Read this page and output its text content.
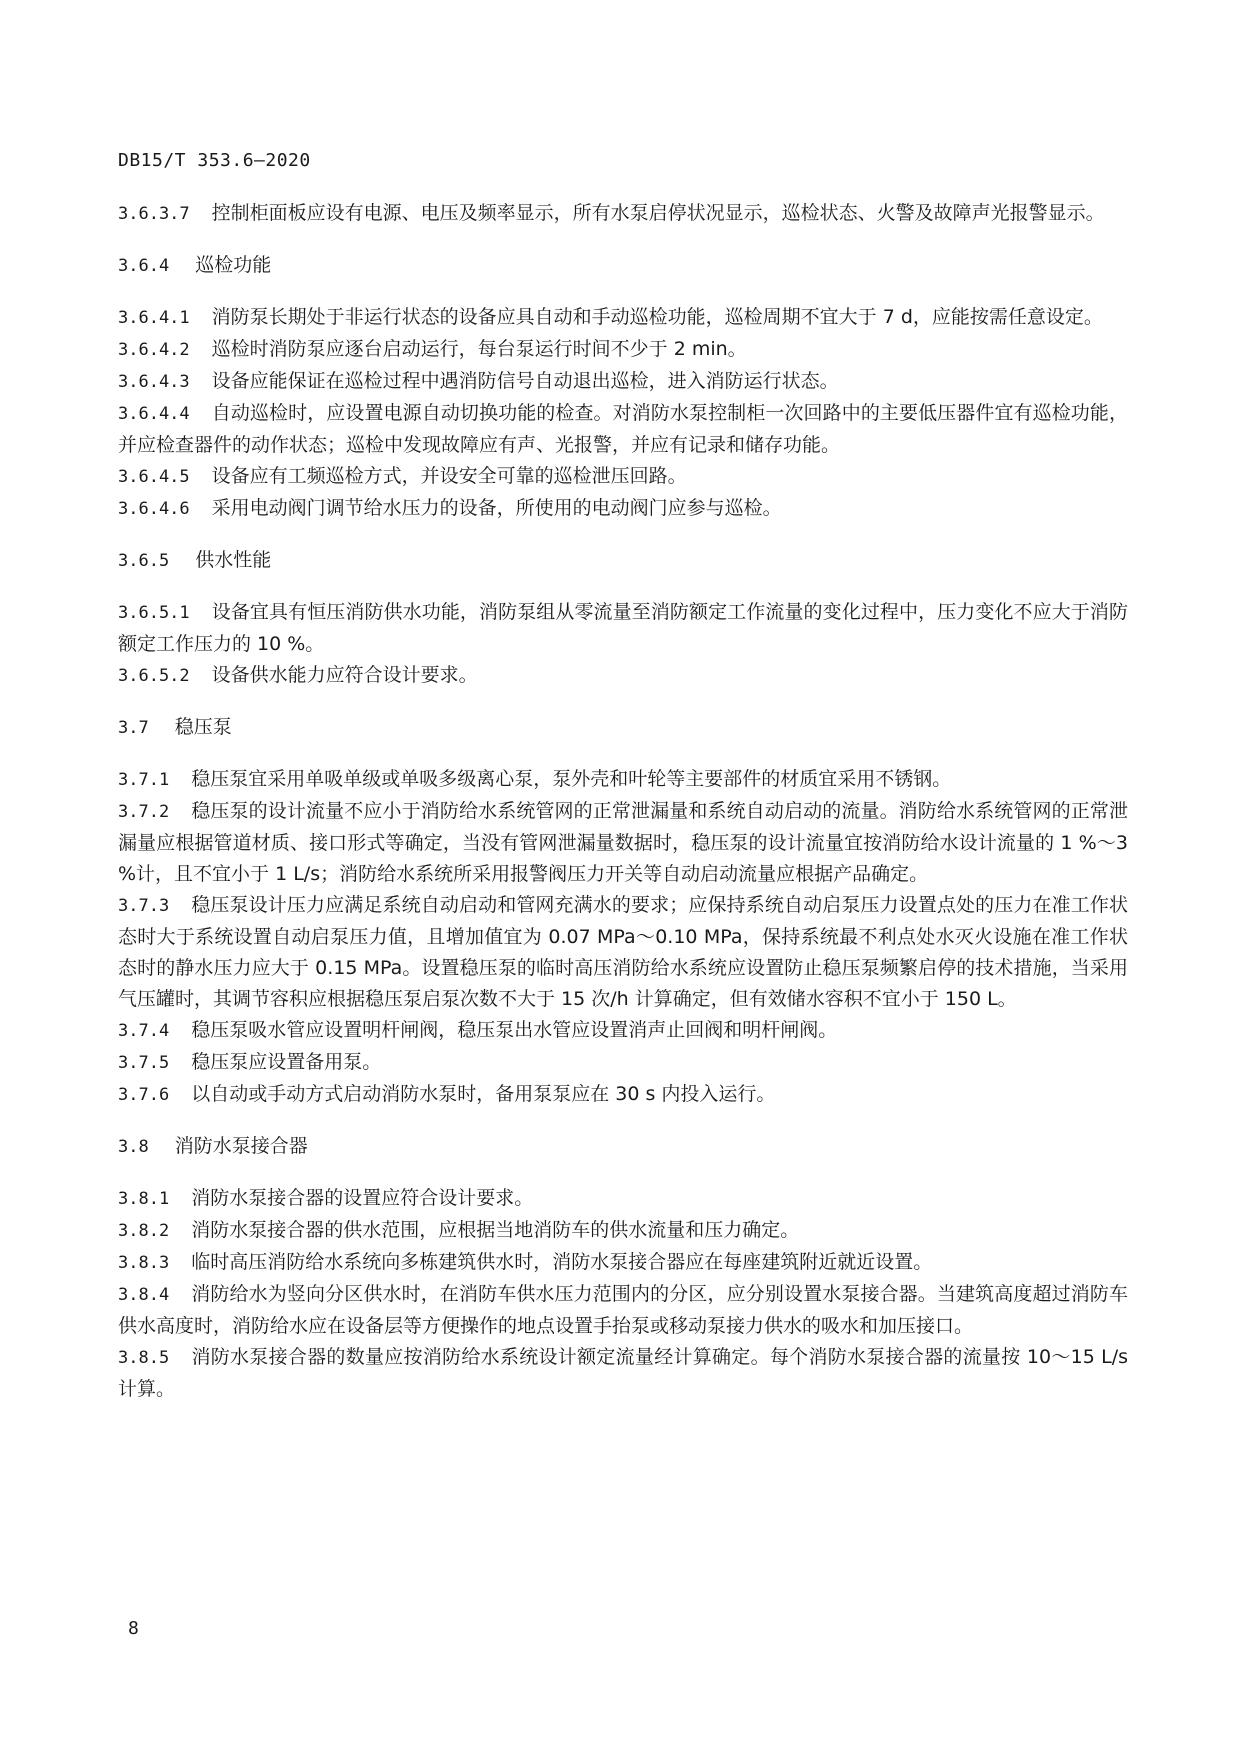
DB15/T 353.6—2020

3.6.3.7 控制柜面板应设有电源、电压及频率显示，所有水泵启停状况显示，巡检状态、火警及故障声光报警显示。

3.6.4 巡检功能

3.6.4.1 消防泵长期处于非运行状态的设备应具自动和手动巡检功能，巡检周期不宜大于 7 d，应能按需任意设定。

3.6.4.2 巡检时消防泵应逐台启动运行，每台泵运行时间不少于 2 min。

3.6.4.3 设备应能保证在巡检过程中遇消防信号自动退出巡检，进入消防运行状态。

3.6.4.4 自动巡检时，应设置电源自动切换功能的检查。对消防水泵控制柜一次回路中的主要低压器件宜有巡检功能，并应检查器件的动作状态；巡检中发现故障应有声、光报警，并应有记录和储存功能。

3.6.4.5 设备应有工频巡检方式，并设安全可靠的巡检泄压回路。

3.6.4.6 采用电动阀门调节给水压力的设备，所使用的电动阀门应参与巡检。

3.6.5 供水性能

3.6.5.1 设备宜具有恒压消防供水功能，消防泵组从零流量至消防额定工作流量的变化过程中，压力变化不应大于消防额定工作压力的 10 %。

3.6.5.2 设备供水能力应符合设计要求。

3.7 稳压泵

3.7.1 稳压泵宜采用单吸单级或单吸多级离心泵，泵外壳和叶轮等主要部件的材质宜采用不锈钢。

3.7.2 稳压泵的设计流量不应小于消防给水系统管网的正常泄漏量和系统自动启动的流量。消防给水系统管网的正常泄漏量应根据管道材质、接口形式等确定，当没有管网泄漏量数据时，稳压泵的设计流量宜按消防给水设计流量的 1 %～3 %计，且不宜小于 1 L/s；消防给水系统所采用报警阀压力开关等自动启动流量应根据产品确定。

3.7.3 稳压泵设计压力应满足系统自动启动和管网充满水的要求；应保持系统自动启泵压力设置点处的压力在准工作状态时大于系统设置自动启泵压力值，且增加值宜为 0.07 MPa～0.10 MPa，保持系统最不利点处水灭火设施在准工作状态时的静水压力应大于 0.15 MPa。设置稳压泵的临时高压消防给水系统应设置防止稳压泵频繁启停的技术措施，当采用气压罐时，其调节容积应根据稳压泵启泵次数不大于 15 次/h 计算确定，但有效储水容积不宜小于 150 L。

3.7.4 稳压泵吸水管应设置明杆闸阀，稳压泵出水管应设置消声止回阀和明杆闸阀。

3.7.5 稳压泵应设置备用泵。

3.7.6 以自动或手动方式启动消防水泵时，备用泵泵应在 30 s 内投入运行。

3.8 消防水泵接合器

3.8.1 消防水泵接合器的设置应符合设计要求。

3.8.2 消防水泵接合器的供水范围，应根据当地消防车的供水流量和压力确定。

3.8.3 临时高压消防给水系统向多栋建筑供水时，消防水泵接合器应在每座建筑附近就近设置。

3.8.4 消防给水为竖向分区供水时，在消防车供水压力范围内的分区，应分别设置水泵接合器。当建筑高度超过消防车供水高度时，消防给水应在设备层等方便操作的地点设置手抬泵或移动泵接力供水的吸水和加压接口。

3.8.5 消防水泵接合器的数量应按消防给水系统设计额定流量经计算确定。每个消防水泵接合器的流量按 10～15 L/s 计算。

8
